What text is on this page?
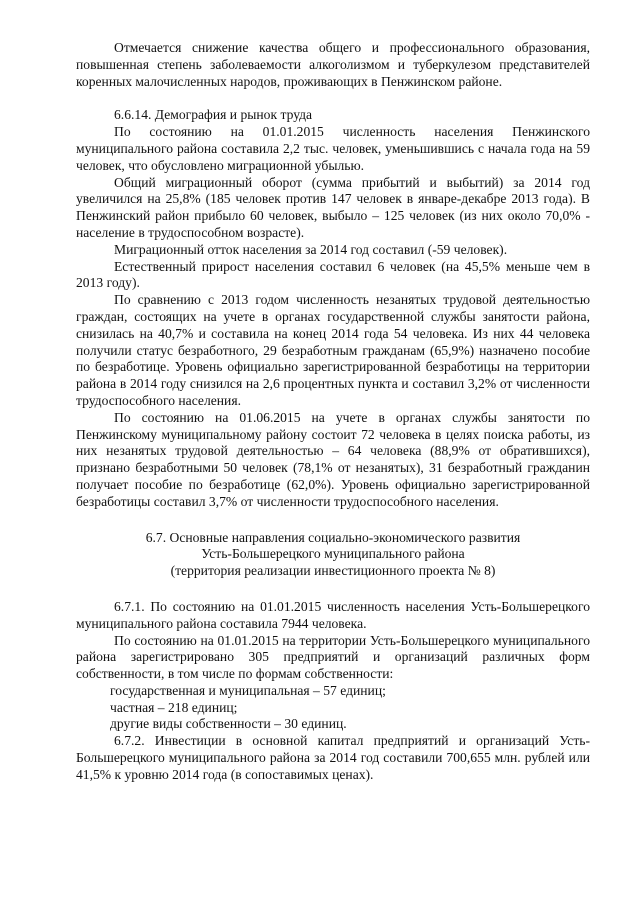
Отмечается снижение качества общего и профессионального образования, повышенная степень заболеваемости алкоголизмом и туберкулезом представителей коренных малочисленных народов, проживающих в Пенжинском районе.

6.6.14. Демография и рынок труда

По состоянию на 01.01.2015 численность населения Пенжинского муниципального района составила 2,2 тыс. человек, уменьшившись с начала года на 59 человек, что обусловлено миграционной убылью.

Общий миграционный оборот (сумма прибытий и выбытий) за 2014 год увеличился на 25,8% (185 человек против 147 человек в январе-декабре 2013 года). В Пенжинский район прибыло 60 человек, выбыло – 125 человек (из них около 70,0% - население в трудоспособном возрасте).

Миграционный отток населения за 2014 год составил (-59 человек).

Естественный прирост населения составил 6 человек (на 45,5% меньше чем в 2013 году).

По сравнению с 2013 годом численность незанятых трудовой деятельностью граждан, состоящих на учете в органах государственной службы занятости района, снизилась на 40,7% и составила на конец 2014 года 54 человека. Из них 44 человека получили статус безработного, 29 безработным гражданам (65,9%) назначено пособие по безработице. Уровень официально зарегистрированной безработицы на территории района в 2014 году снизился на 2,6 процентных пункта и составил 3,2% от численности трудоспособного населения.

По состоянию на 01.06.2015 на учете в органах службы занятости по Пенжинскому муниципальному району состоит 72 человека в целях поиска работы, из них незанятых трудовой деятельностью – 64 человека (88,9% от обратившихся), признано безработными 50 человек (78,1% от незанятых), 31 безработный гражданин получает пособие по безработице (62,0%). Уровень официально зарегистрированной безработицы составил 3,7% от численности трудоспособного населения.

6.7. Основные направления социально-экономического развития
Усть-Большерецкого муниципального района
(территория реализации инвестиционного проекта № 8)

6.7.1. По состоянию на 01.01.2015 численность населения Усть-Большерецкого муниципального района составила 7944 человека.

По состоянию на 01.01.2015 на территории Усть-Большерецкого муниципального района зарегистрировано 305 предприятий и организаций различных форм собственности, в том числе по формам собственности:

государственная и муниципальная – 57 единиц;

частная – 218 единиц;

другие виды собственности – 30 единиц.

6.7.2. Инвестиции в основной капитал предприятий и организаций Усть-Большерецкого муниципального района за 2014 год составили 700,655 млн. рублей или 41,5% к уровню 2014 года (в сопоставимых ценах).
